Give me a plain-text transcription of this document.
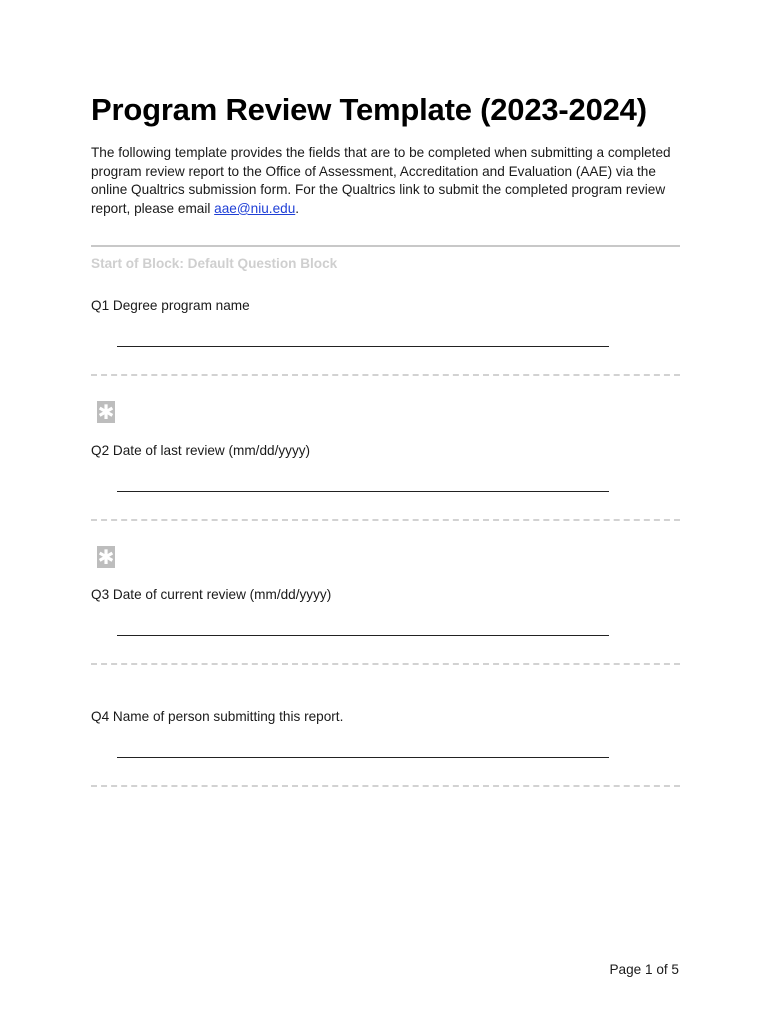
Program Review Template (2023-2024)

The following template provides the fields that are to be completed when submitting a completed program review report to the Office of Assessment, Accreditation and Evaluation (AAE) via the online Qualtrics submission form. For the Qualtrics link to submit the completed program review report, please email aae@niu.edu.

Start of Block: Default Question Block
Q1 Degree program name
✱
Q2 Date of last review (mm/dd/yyyy)
✱
Q3 Date of current review (mm/dd/yyyy)
Q4 Name of person submitting this report.
Page 1 of 5
